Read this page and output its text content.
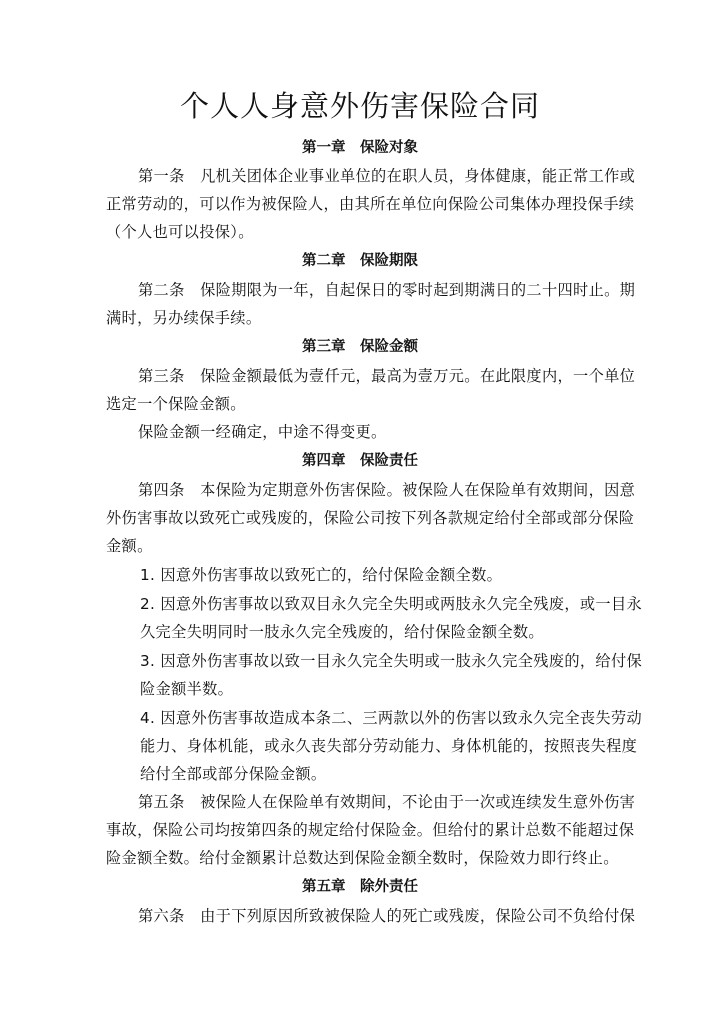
个人人身意外伤害保险合同
第一章　保险对象
第一条　凡机关团体企业事业单位的在职人员，身体健康，能正常工作或
正常劳动的，可以作为被保险人，由其所在单位向保险公司集体办理投保手续
（个人也可以投保）。
第二章　保险期限
第二条　保险期限为一年，自起保日的零时起到期满日的二十四时止。期
满时，另办续保手续。
第三章　保险金额
第三条　保险金额最低为壹仟元，最高为壹万元。在此限度内，一个单位
选定一个保险金额。
保险金额一经确定，中途不得变更。
第四章　保险责任
第四条　本保险为定期意外伤害保险。被保险人在保险单有效期间，因意
外伤害事故以致死亡或残废的，保险公司按下列各款规定给付全部或部分保险
金额。
1. 因意外伤害事故以致死亡的，给付保险金额全数。
2. 因意外伤害事故以致双目永久完全失明或两肢永久完全残废，或一目永
久完全失明同时一肢永久完全残废的，给付保险金额全数。
3. 因意外伤害事故以致一目永久完全失明或一肢永久完全残废的，给付保
险金额半数。
4. 因意外伤害事故造成本条二、三两款以外的伤害以致永久完全丧失劳动
能力、身体机能，或永久丧失部分劳动能力、身体机能的，按照丧失程度
给付全部或部分保险金额。
第五条　被保险人在保险单有效期间，不论由于一次或连续发生意外伤害
事故，保险公司均按第四条的规定给付保险金。但给付的累计总数不能超过保
险金额全数。给付金额累计总数达到保险金额全数时，保险效力即行终止。
第五章　除外责任
第六条　由于下列原因所致被保险人的死亡或残废，保险公司不负给付保
